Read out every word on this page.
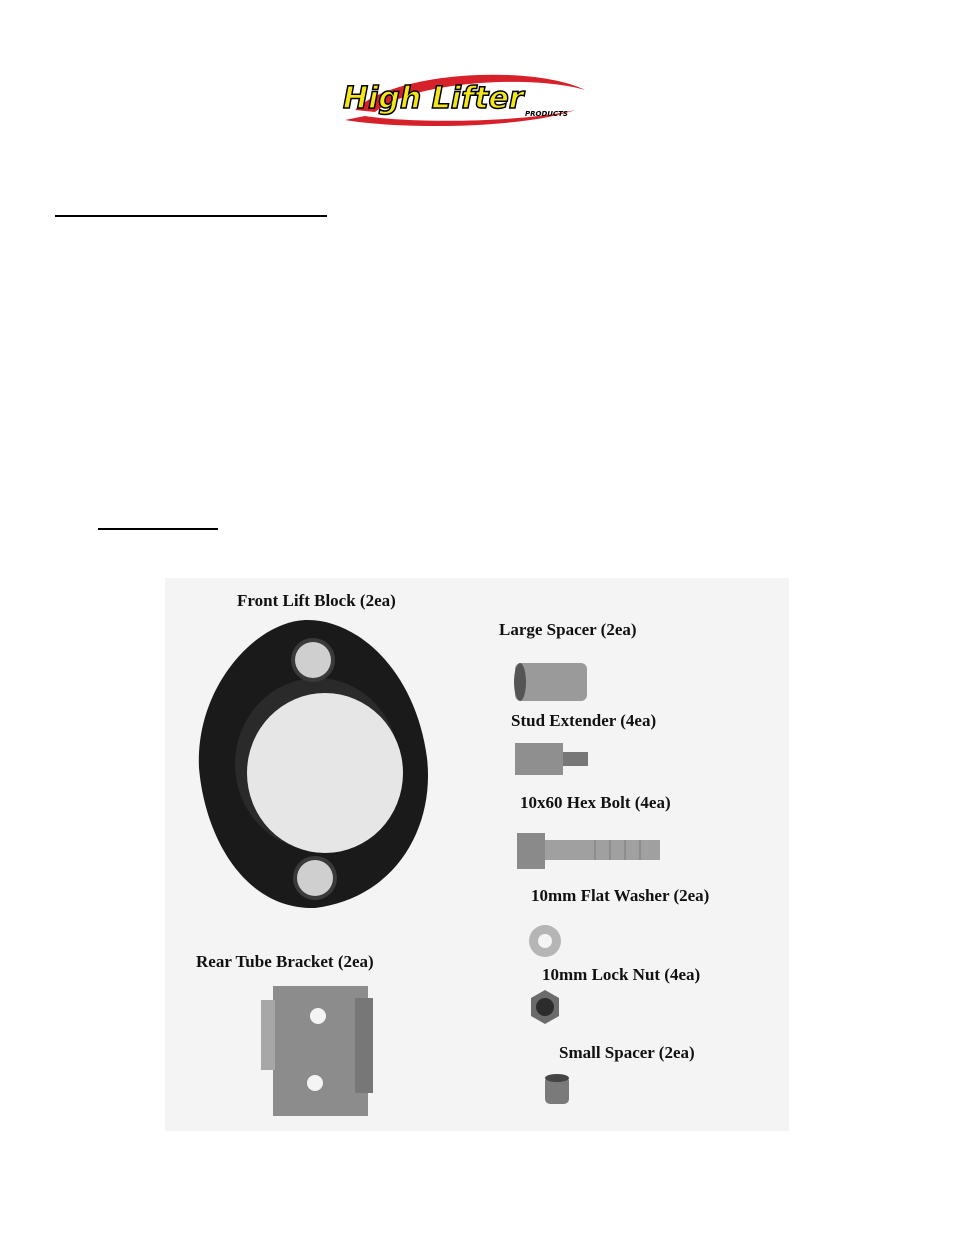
High Lifter PRODUCTS
Front Lift Block (2ea)
Large Spacer (2ea)
Stud Extender (4ea)
10x60 Hex Bolt (4ea)
10mm Flat Washer (2ea)
Rear Tube Bracket (2ea)
10mm Lock Nut (4ea)
Small Spacer (2ea)
